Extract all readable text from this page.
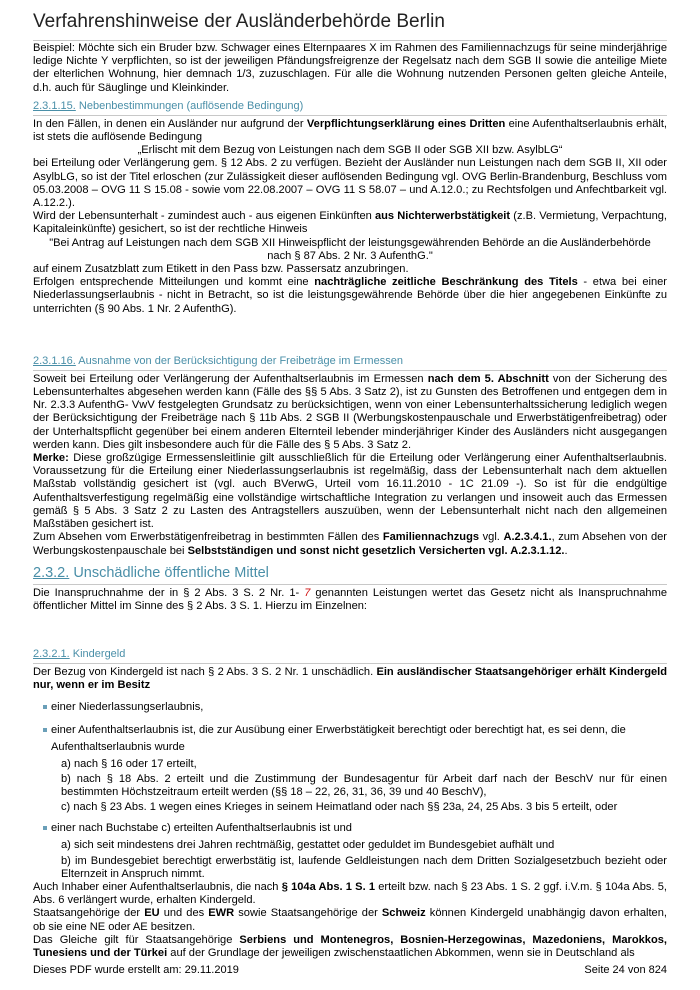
Verfahrenshinweise der Ausländerbehörde Berlin

Beispiel: Möchte sich ein Bruder bzw. Schwager eines Elternpaares X im Rahmen des Familiennachzugs für seine minderjährige ledige Nichte Y verpflichten, so ist der jeweiligen Pfändungsfreigrenze der Regelsatz nach dem SGB II sowie die anteilige Miete der elterlichen Wohnung, hier demnach 1/3, zuzuschlagen. Für alle die Wohnung nutzenden Personen gelten gleiche Anteile, d.h. auch für Säuglinge und Kleinkinder.

2.3.1.15. Nebenbestimmungen (auflösende Bedingung)

In den Fällen, in denen ein Ausländer nur aufgrund der Verpflichtungserklärung eines Dritten eine Aufenthaltserlaubnis erhält, ist stets die auflösende Bedingung

„Erlischt mit dem Bezug von Leistungen nach dem SGB II oder SGB XII bzw. AsylbLG“

bei Erteilung oder Verlängerung gem. § 12 Abs. 2 zu verfügen. Bezieht der Ausländer nun Leistungen nach dem SGB II, XII oder AsylbLG, so ist der Titel erloschen (zur Zulässigkeit dieser auflösenden Bedingung vgl. OVG Berlin-Brandenburg, Beschluss vom 05.03.2008 – OVG 11 S 15.08 - sowie vom 22.08.2007 – OVG 11 S 58.07 – und A.12.0.; zu Rechtsfolgen und Anfechtbarkeit vgl. A.12.2.).

Wird der Lebensunterhalt - zumindest auch - aus eigenen Einkünften aus Nichterwerbstätigkeit (z.B. Vermietung, Verpachtung, Kapitaleinkünfte) gesichert, so ist der rechtliche Hinweis

"Bei Antrag auf Leistungen nach dem SGB XII Hinweispflicht der leistungsgewährenden Behörde an die Ausländerbehörde
nach § 87 Abs. 2 Nr. 3 AufenthG."

auf einem Zusatzblatt zum Etikett in den Pass bzw. Passersatz anzubringen.

Erfolgen entsprechende Mitteilungen und kommt eine nachträgliche zeitliche Beschränkung des Titels - etwa bei einer Niederlassungserlaubnis - nicht in Betracht, so ist die leistungsgewährende Behörde über die hier angegebenen Einkünfte zu unterrichten (§ 90 Abs. 1 Nr. 2 AufenthG).

2.3.1.16. Ausnahme von der Berücksichtigung der Freibeträge im Ermessen

Soweit bei Erteilung oder Verlängerung der Aufenthaltserlaubnis im Ermessen nach dem 5. Abschnitt von der Sicherung des Lebensunterhaltes abgesehen werden kann (Fälle des §§ 5 Abs. 3 Satz 2), ist zu Gunsten des Betroffenen und entgegen dem in Nr. 2.3.3 AufenthG- VwV festgelegten Grundsatz zu berücksichtigen, wenn von einer Lebensunterhaltssicherung lediglich wegen der Berücksichtigung der Freibeträge nach § 11b Abs. 2 SGB II (Werbungskostenpauschale und Erwerbstätigenfreibetrag) oder der Unterhaltspflicht gegenüber bei einem anderen Elternteil lebender minderjähriger Kinder des Ausländers nicht ausgegangen werden kann. Dies gilt insbesondere auch für die Fälle des § 5 Abs. 3 Satz 2.

Merke: Diese großzügige Ermessensleitlinie gilt ausschließlich für die Erteilung oder Verlängerung einer Aufenthaltserlaubnis. Voraussetzung für die Erteilung einer Niederlassungserlaubnis ist regelmäßig, dass der Lebensunterhalt nach dem aktuellen Maßstab vollständig gesichert ist (vgl. auch BVerwG, Urteil vom 16.11.2010 - 1C 21.09 -). So ist für die endgültige Aufenthaltsverfestigung regelmäßig eine vollständige wirtschaftliche Integration zu verlangen und insoweit auch das Ermessen gemäß § 5 Abs. 3 Satz 2 zu Lasten des Antragstellers auszuüben, wenn der Lebensunterhalt nicht nach den allgemeinen Maßstäben gesichert ist.

Zum Absehen vom Erwerbstätigenfreibetrag in bestimmten Fällen des Familiennachzugs vgl. A.2.3.4.1., zum Absehen von der Werbungskostenpauschale bei Selbstständigen und sonst nicht gesetzlich Versicherten vgl. A.2.3.1.12..

2.3.2. Unschädliche öffentliche Mittel

Die Inanspruchnahme der in § 2 Abs. 3 S. 2 Nr. 1- 7 genannten Leistungen wertet das Gesetz nicht als Inanspruchnahme öffentlicher Mittel im Sinne des § 2 Abs. 3 S. 1. Hierzu im Einzelnen:

2.3.2.1. Kindergeld

Der Bezug von Kindergeld ist nach § 2 Abs. 3 S. 2 Nr. 1 unschädlich. Ein ausländischer Staatsangehöriger erhält Kindergeld nur, wenn er im Besitz

einer Niederlassungserlaubnis,
einer Aufenthaltserlaubnis ist, die zur Ausübung einer Erwerbstätigkeit berechtigt oder berechtigt hat, es sei denn, die
Aufenthaltserlaubnis wurde

a) nach § 16 oder 17 erteilt,

b) nach § 18 Abs. 2 erteilt und die Zustimmung der Bundesagentur für Arbeit darf nach der BeschV nur für einen bestimmten Höchstzeitraum erteilt werden (§§ 18 – 22, 26, 31, 36, 39 und 40 BeschV),

c) nach § 23 Abs. 1 wegen eines Krieges in seinem Heimatland oder nach §§ 23a, 24, 25 Abs. 3 bis 5 erteilt, oder

einer nach Buchstabe c) erteilten Aufenthaltserlaubnis ist und

a) sich seit mindestens drei Jahren rechtmäßig, gestattet oder geduldet im Bundesgebiet aufhält und

b) im Bundesgebiet berechtigt erwerbstätig ist, laufende Geldleistungen nach dem Dritten Sozialgesetzbuch bezieht oder Elternzeit in Anspruch nimmt.

Auch Inhaber einer Aufenthaltserlaubnis, die nach § 104a Abs. 1 S. 1 erteilt bzw. nach § 23 Abs. 1 S. 2 ggf. i.V.m. § 104a Abs. 5, Abs. 6 verlängert wurde, erhalten Kindergeld.

Staatsangehörige der EU und des EWR sowie Staatsangehörige der Schweiz können Kindergeld unabhängig davon erhalten, ob sie eine NE oder AE besitzen.

Das Gleiche gilt für Staatsangehörige Serbiens und Montenegros, Bosnien-Herzegowinas, Mazedoniens, Marokkos, Tunesiens und der Türkei auf der Grundlage der jeweiligen zwischenstaatlichen Abkommen, wenn sie in Deutschland als

Dieses PDF wurde erstellt am: 29.11.2019	Seite 24 von 824
